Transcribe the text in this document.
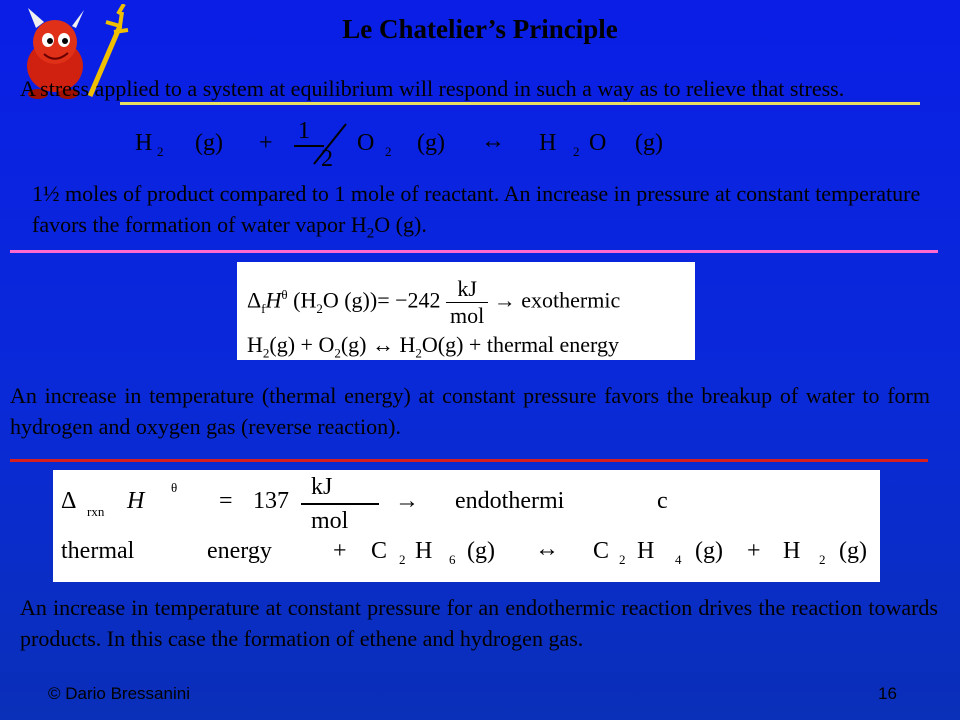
Le Chatelier’s Principle
A stress applied to a system at equilibrium will respond in such a way as to relieve that stress.
H 2 (g) + 1
2
O 2 (g) ↔ H 2 O (g)
1½ moles of product compared to 1 mole of reactant. An increase in pressure at constant temperature favors the formation of water vapor $H_2O$ (g).
$\Delta_fH^\theta$ ($H_2O$ $(g))= -242 \frac{kJ}{\text{mol}}$ → exothermic
$H_2(g) + O_2(g)$ ↔ $H_2O(g)$ + thermal energy
An increase in temperature (thermal energy) at constant pressure favors the breakup of water to form hydrogen and oxygen gas (reverse reaction).
Δ rxn H
θ
= 137
kJ
mol
→ endothermi	c
thermal	energy	+ C 2 H 6 (g) ↔ C 2 H 4 (g) + H 2 (g)
An increase in temperature at constant pressure for an endothermic reaction drives the reaction towards products. In this case the formation of ethene and hydrogen gas.
© Dario Bressanini	16
